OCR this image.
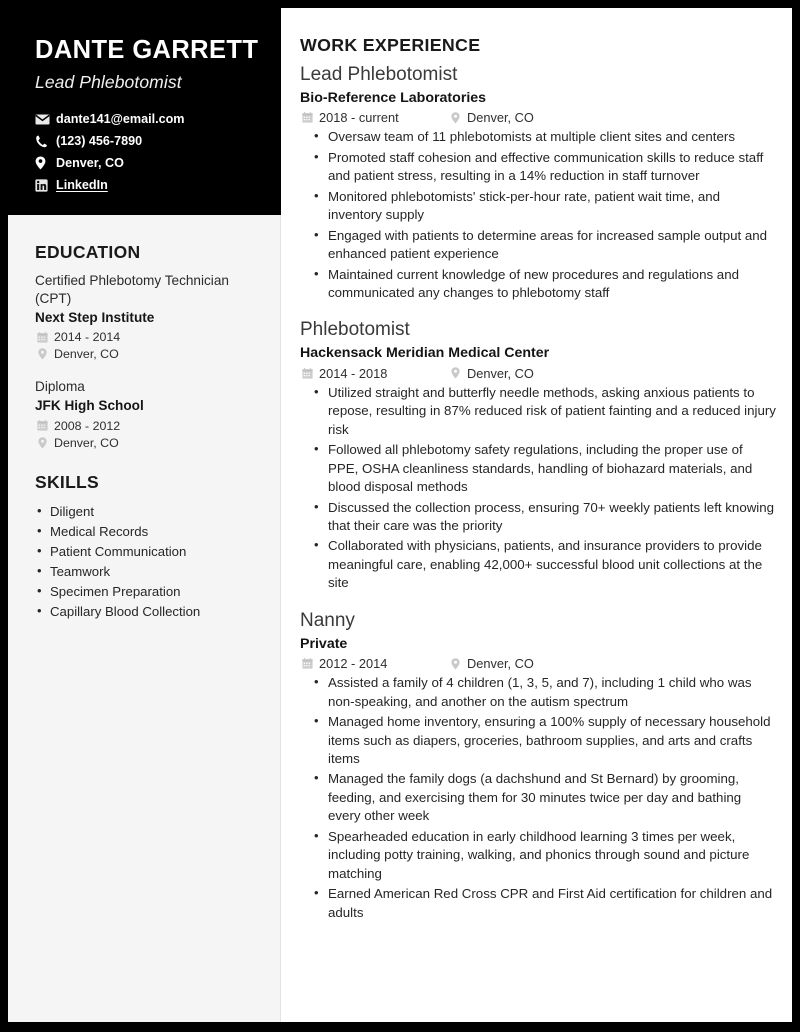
DANTE GARRETT
Lead Phlebotomist
dante141@email.com
(123) 456-7890
Denver, CO
LinkedIn
EDUCATION
Certified Phlebotomy Technician (CPT)
Next Step Institute
2014 - 2014
Denver, CO
Diploma
JFK High School
2008 - 2012
Denver, CO
SKILLS
• Diligent
• Medical Records
• Patient Communication
• Teamwork
• Specimen Preparation
• Capillary Blood Collection
WORK EXPERIENCE
Lead Phlebotomist
Bio-Reference Laboratories
2018 - current	Denver, CO
• Oversaw team of 11 phlebotomists at multiple client sites and centers
• Promoted staff cohesion and effective communication skills to reduce staff and patient stress, resulting in a 14% reduction in staff turnover
• Monitored phlebotomists' stick-per-hour rate, patient wait time, and inventory supply
• Engaged with patients to determine areas for increased sample output and enhanced patient experience
• Maintained current knowledge of new procedures and regulations and communicated any changes to phlebotomy staff
Phlebotomist
Hackensack Meridian Medical Center
2014 - 2018	Denver, CO
• Utilized straight and butterfly needle methods, asking anxious patients to repose, resulting in 87% reduced risk of patient fainting and a reduced injury risk
• Followed all phlebotomy safety regulations, including the proper use of PPE, OSHA cleanliness standards, handling of biohazard materials, and blood disposal methods
• Discussed the collection process, ensuring 70+ weekly patients left knowing that their care was the priority
• Collaborated with physicians, patients, and insurance providers to provide meaningful care, enabling 42,000+ successful blood unit collections at the site
Nanny
Private
2012 - 2014	Denver, CO
• Assisted a family of 4 children (1, 3, 5, and 7), including 1 child who was non-speaking, and another on the autism spectrum
• Managed home inventory, ensuring a 100% supply of necessary household items such as diapers, groceries, bathroom supplies, and arts and crafts items
• Managed the family dogs (a dachshund and St Bernard) by grooming, feeding, and exercising them for 30 minutes twice per day and bathing every other week
• Spearheaded education in early childhood learning 3 times per week, including potty training, walking, and phonics through sound and picture matching
• Earned American Red Cross CPR and First Aid certification for children and adults
